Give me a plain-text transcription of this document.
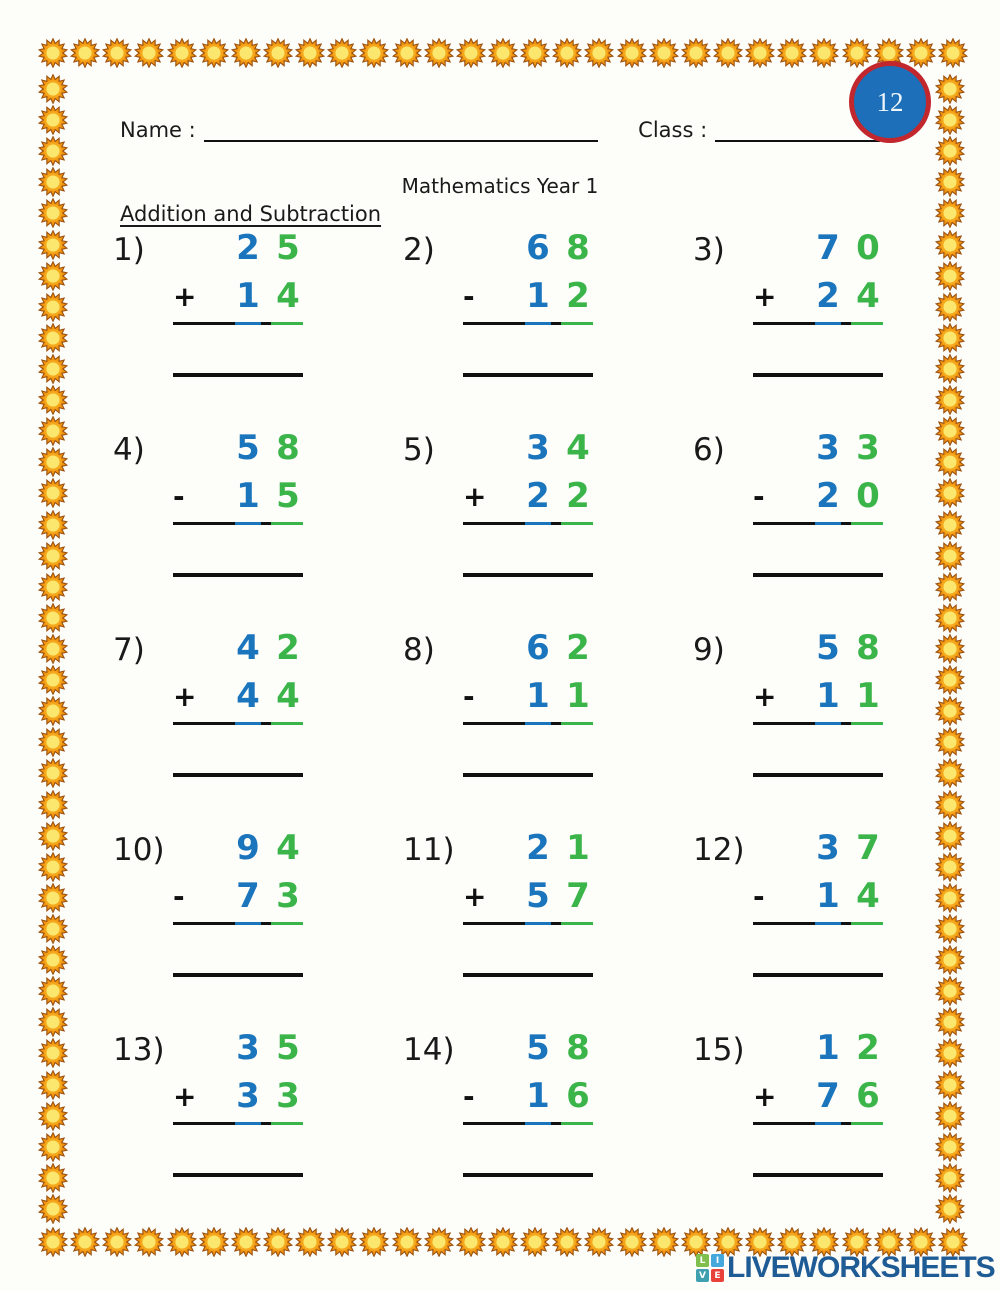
Name :	Class :
12
Mathematics Year 1
Addition and Subtraction
1)	2 5
+ 1 4
2)	6 8
- 1 2
3)	7 0
+ 2 4
4)	5 8
- 1 5
5)	3 4
+ 2 2
6)	3 3
- 2 0
7)	4 2
+ 4 4
8)	6 2
- 1 1
9)	5 8
+ 1 1
10) 9 4
- 7 3
11) 2 1
+ 5 7
12) 3 7
- 1 4
13) 3 5
+ 3 3
14) 5 8
- 1 6
15) 1 2
+ 7 6
L	I
V E LIVEWORKSHEETS
